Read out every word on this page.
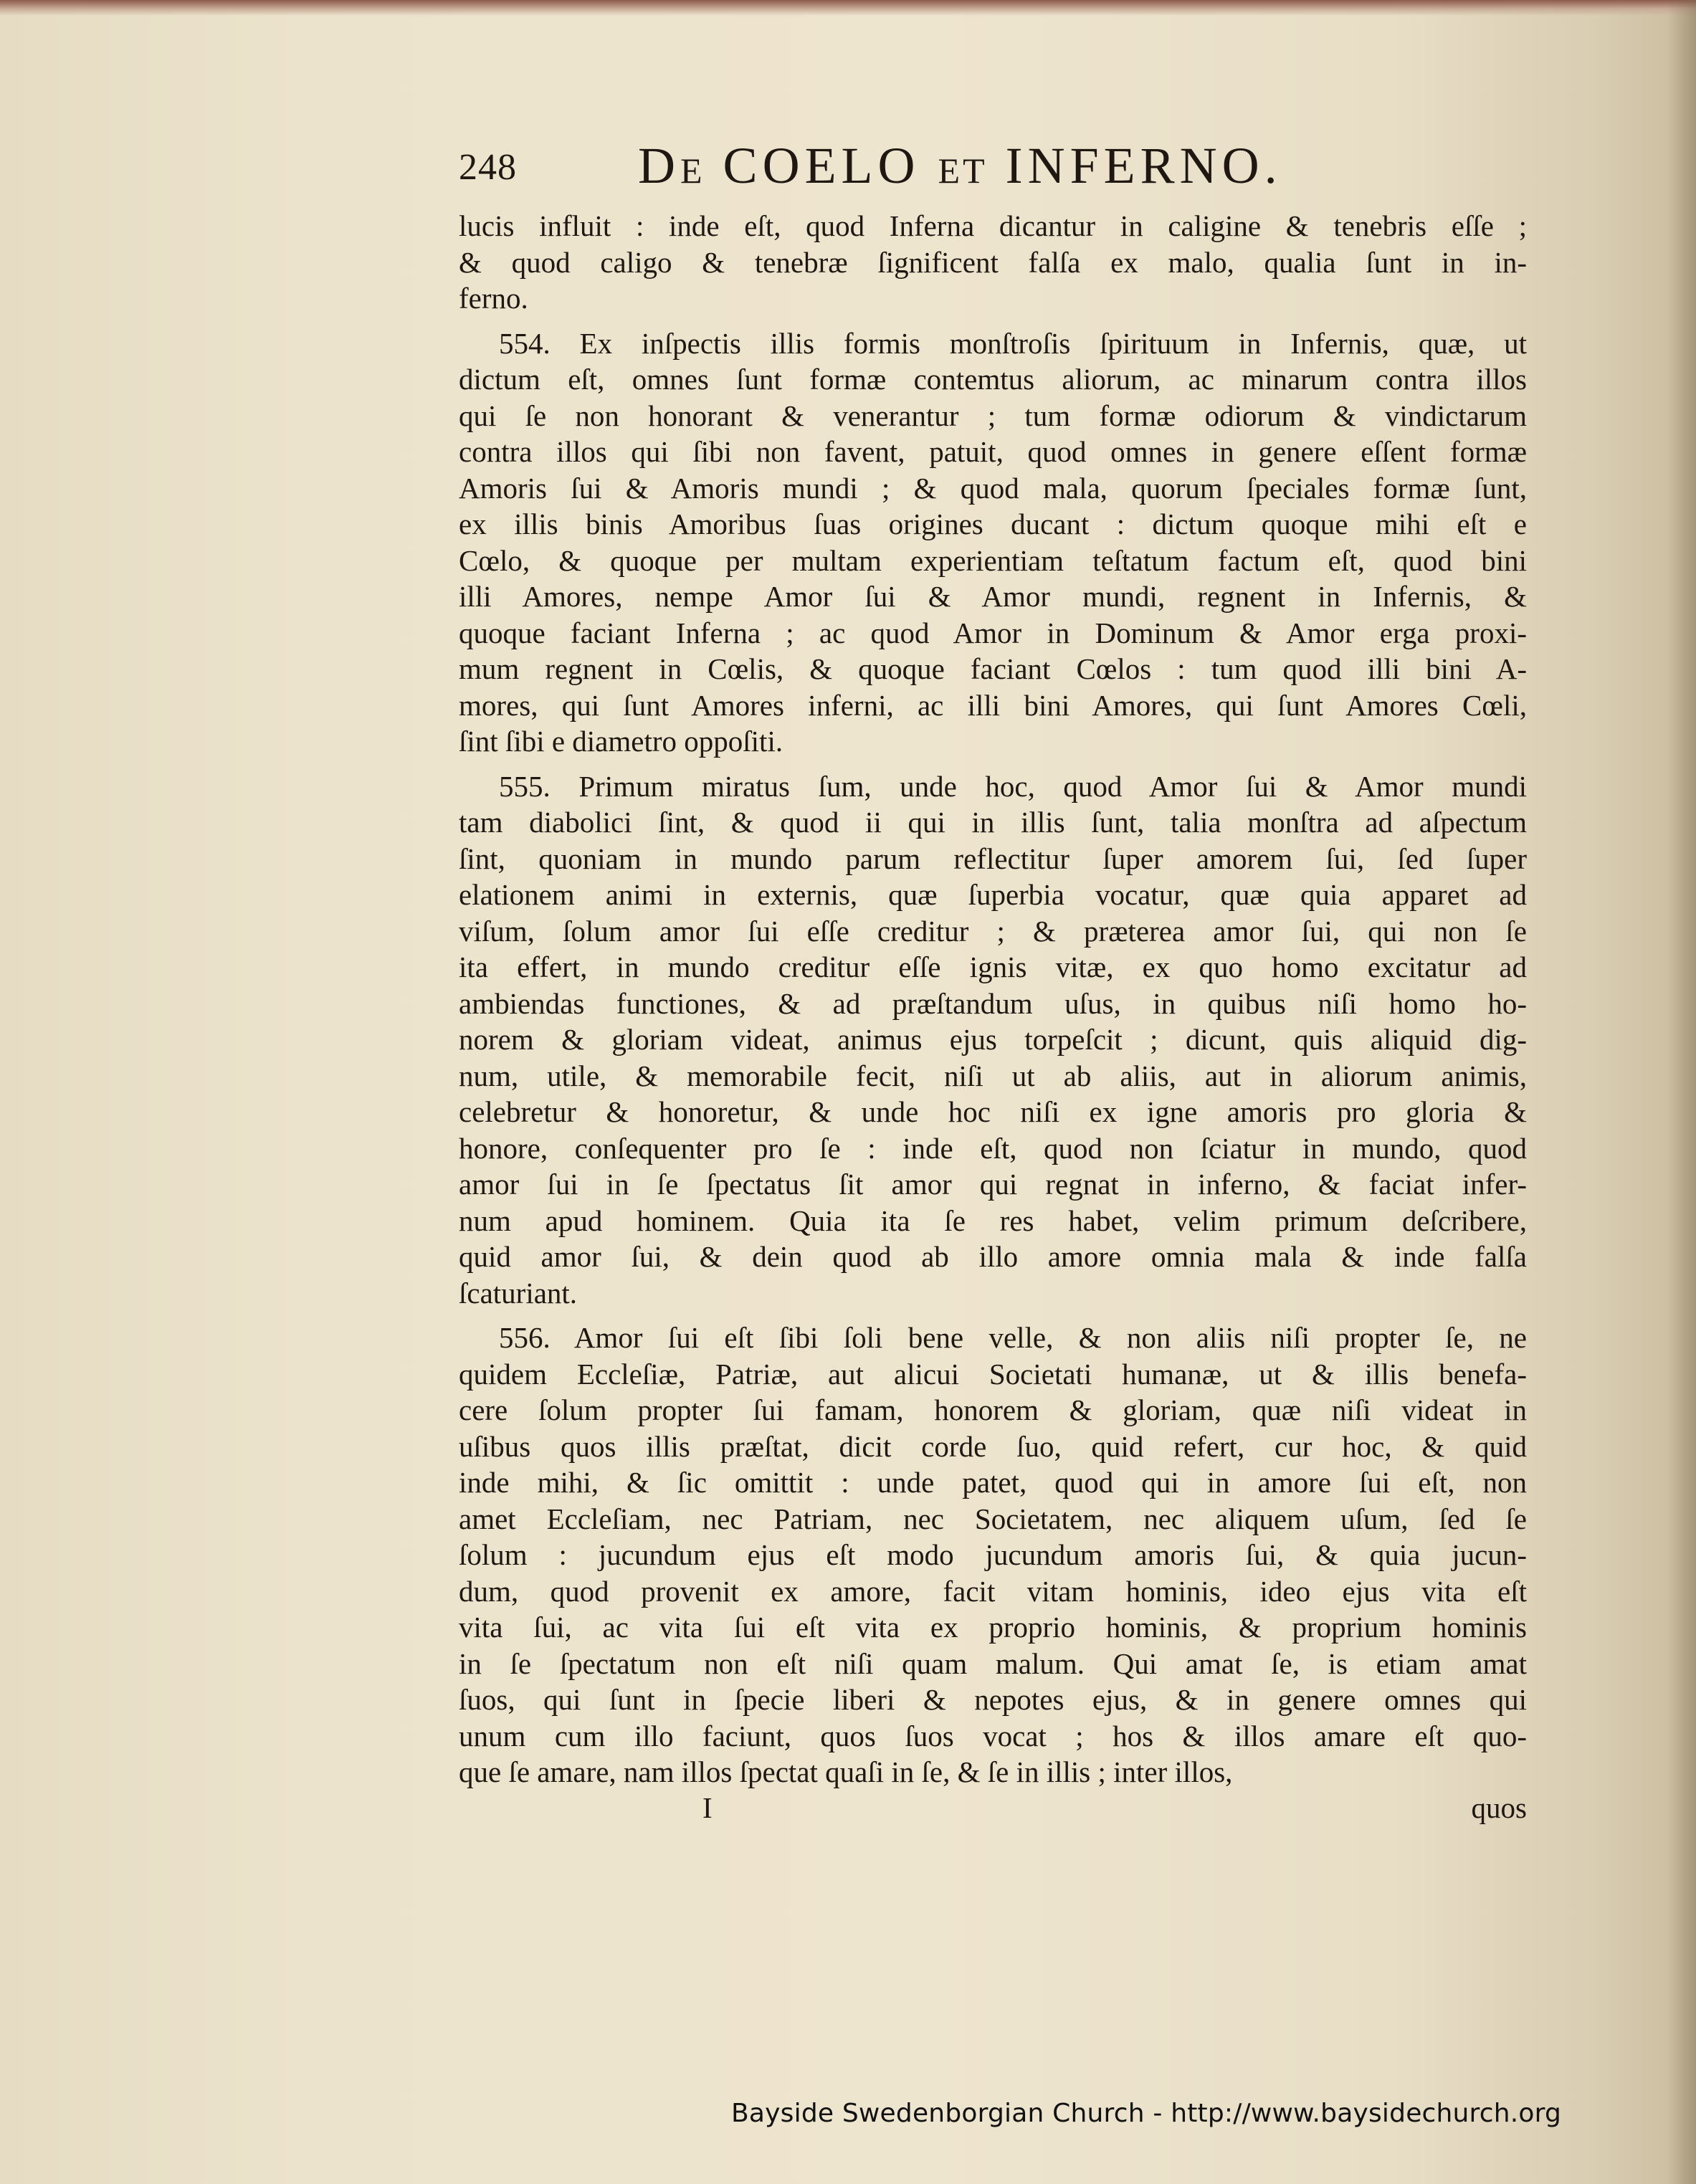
248 DE COELO ET INFERNO.
lucis influit : inde eſt, quod Inferna dicantur in caligine & tenebris eſſe ;
& quod caligo & tenebræ ſignificent falſa ex malo, qualia ſunt in in-
ferno.
554. Ex inſpectis illis formis monſtroſis ſpirituum in Infernis, quæ, ut
dictum eſt, omnes ſunt formæ contemtus aliorum, ac minarum contra illos
qui ſe non honorant & venerantur ; tum formæ odiorum & vindictarum
contra illos qui ſibi non favent, patuit, quod omnes in genere eſſent formæ
Amoris ſui & Amoris mundi ; & quod mala, quorum ſpeciales formæ ſunt,
ex illis binis Amoribus ſuas origines ducant : dictum quoque mihi eſt e
Cœlo, & quoque per multam experientiam teſtatum factum eſt, quod bini
illi Amores, nempe Amor ſui & Amor mundi, regnent in Infernis, &
quoque faciant Inferna ; ac quod Amor in Dominum & Amor erga proxi-
mum regnent in Cœlis, & quoque faciant Cœlos : tum quod illi bini A-
mores, qui ſunt Amores inferni, ac illi bini Amores, qui ſunt Amores Cœli,
ſint ſibi e diametro oppoſiti.
555. Primum miratus ſum, unde hoc, quod Amor ſui & Amor mundi
tam diabolici ſint, & quod ii qui in illis ſunt, talia monſtra ad aſpectum
ſint, quoniam in mundo parum reflectitur ſuper amorem ſui, ſed ſuper
elationem animi in externis, quæ ſuperbia vocatur, quæ quia apparet ad
viſum, ſolum amor ſui eſſe creditur ; & præterea amor ſui, qui non ſe
ita effert, in mundo creditur eſſe ignis vitæ, ex quo homo excitatur ad
ambiendas functiones, & ad præſtandum uſus, in quibus niſi homo ho-
norem & gloriam videat, animus ejus torpeſcit ; dicunt, quis aliquid dig-
num, utile, & memorabile fecit, niſi ut ab aliis, aut in aliorum animis,
celebretur & honoretur, & unde hoc niſi ex igne amoris pro gloria &
honore, conſequenter pro ſe : inde eſt, quod non ſciatur in mundo, quod
amor ſui in ſe ſpectatus ſit amor qui regnat in inferno, & faciat infer-
num apud hominem. Quia ita ſe res habet, velim primum deſcribere,
quid amor ſui, & dein quod ab illo amore omnia mala & inde falſa
ſcaturiant.
556. Amor ſui eſt ſibi ſoli bene velle, & non aliis niſi propter ſe, ne
quidem Eccleſiæ, Patriæ, aut alicui Societati humanæ, ut & illis benefa-
cere ſolum propter ſui famam, honorem & gloriam, quæ niſi videat in
uſibus quos illis præſtat, dicit corde ſuo, quid refert, cur hoc, & quid
inde mihi, & ſic omittit : unde patet, quod qui in amore ſui eſt, non
amet Eccleſiam, nec Patriam, nec Societatem, nec aliquem uſum, ſed ſe
ſolum : jucundum ejus eſt modo jucundum amoris ſui, & quia jucun-
dum, quod provenit ex amore, facit vitam hominis, ideo ejus vita eſt
vita ſui, ac vita ſui eſt vita ex proprio hominis, & proprium hominis
in ſe ſpectatum non eſt niſi quam malum. Qui amat ſe, is etiam amat
ſuos, qui ſunt in ſpecie liberi & nepotes ejus, & in genere omnes qui
unum cum illo faciunt, quos ſuos vocat ; hos & illos amare eſt quo-
que ſe amare, nam illos ſpectat quaſi in ſe, & ſe in illis ; inter illos,
I	quos
Bayside Swedenborgian Church - http://www.baysidechurch.org
